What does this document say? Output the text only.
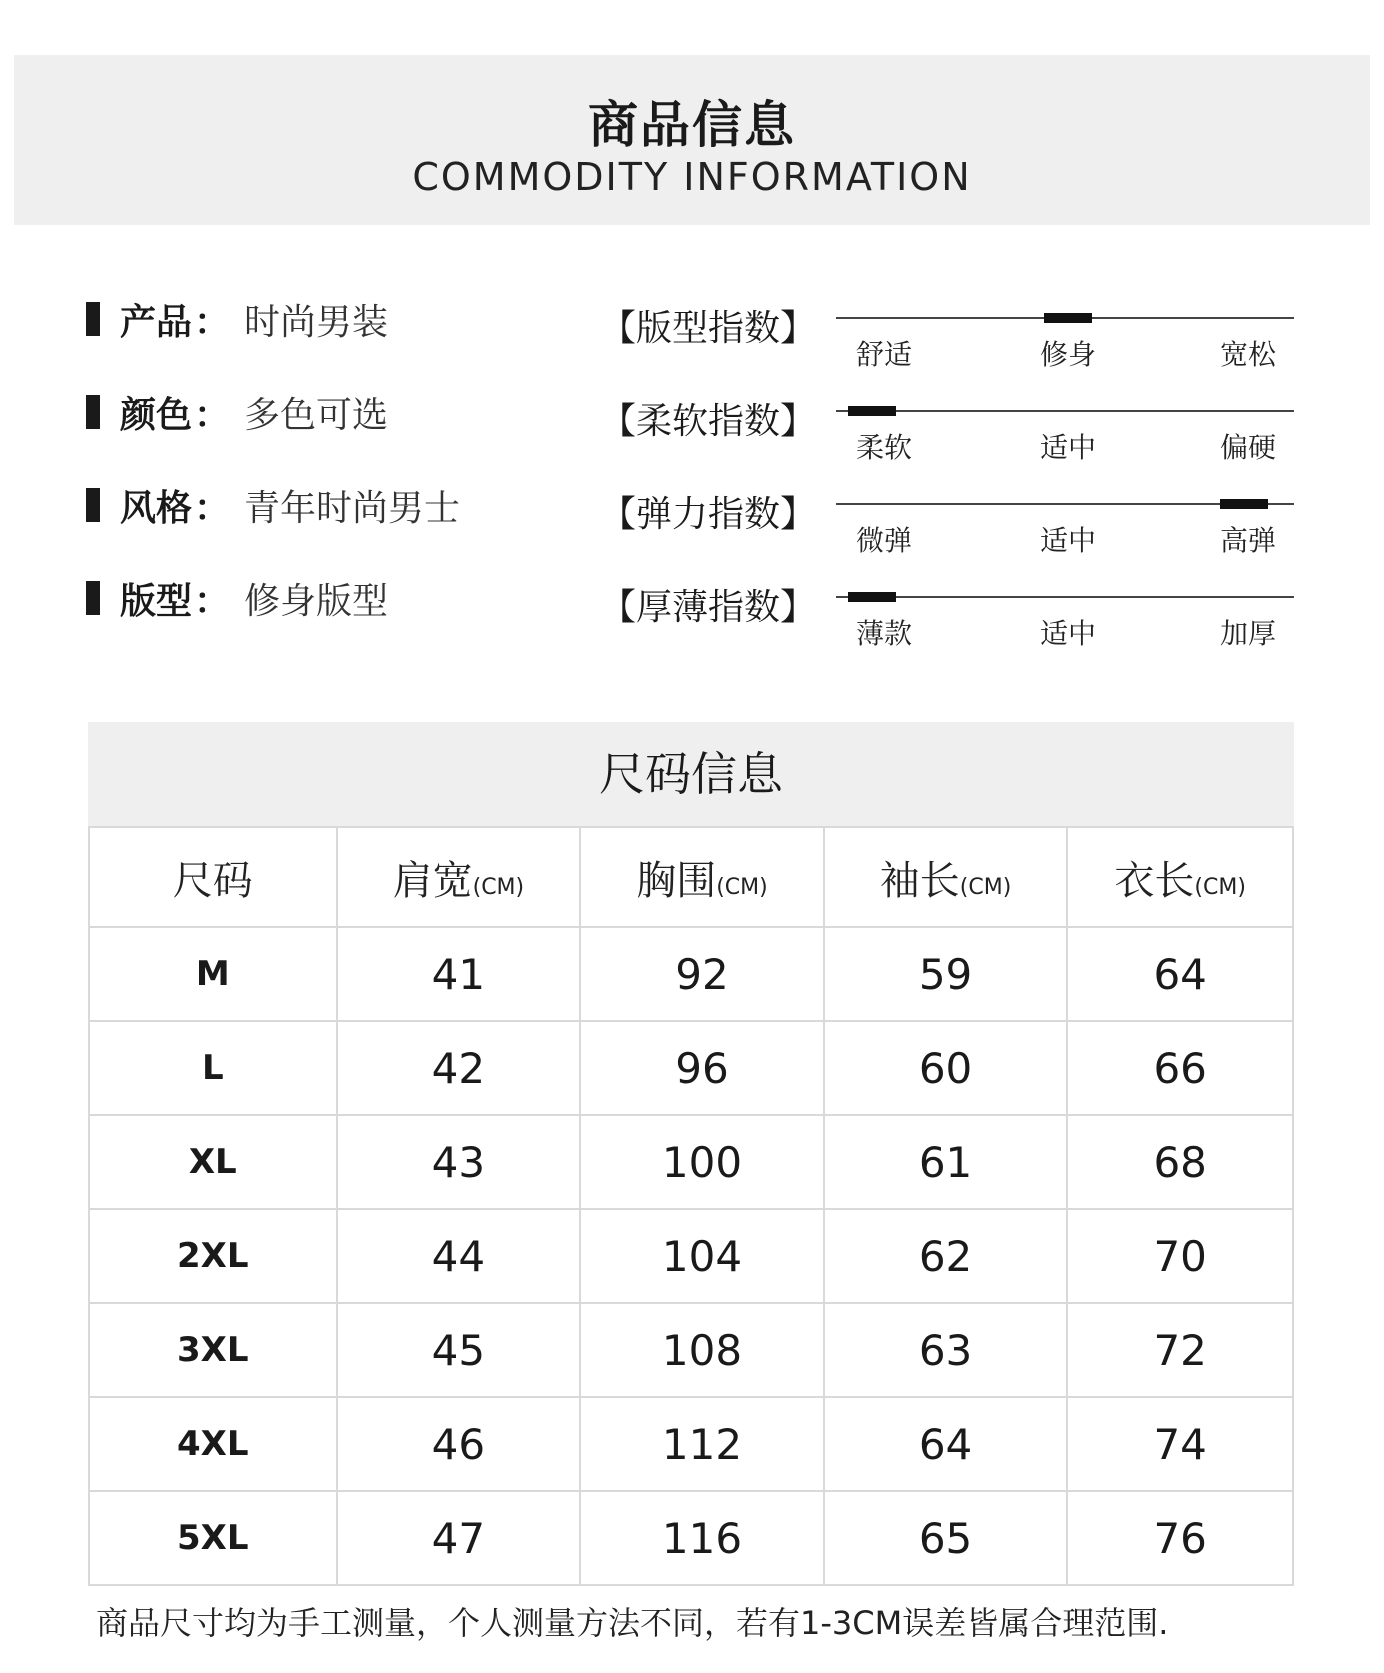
商品信息
COMMODITY INFORMATION
产品 ： 时尚男装
颜色 ： 多色可选
风格 ： 青年时尚男士
版型 ： 修身版型
【版型指数】
【柔软指数】
【弹力指数】
【厚薄指数】
舒适	修身	宽松
柔软	适中	偏硬
微弹	适中	高弹
薄款	适中	加厚
尺码信息
尺码	肩宽(CM)	胸围(CM)	袖长(CM)	衣长(CM)
M	41	92	59	64
L	42	96	60	66
XL	43	100	61	68
2XL	44	104	62	70
3XL	45	108	63	72
4XL	46	112	64	74
5XL	47	116	65	76
商品尺寸均为手工测量，个人测量方法不同，若有1-3CM误差皆属合理范围.
